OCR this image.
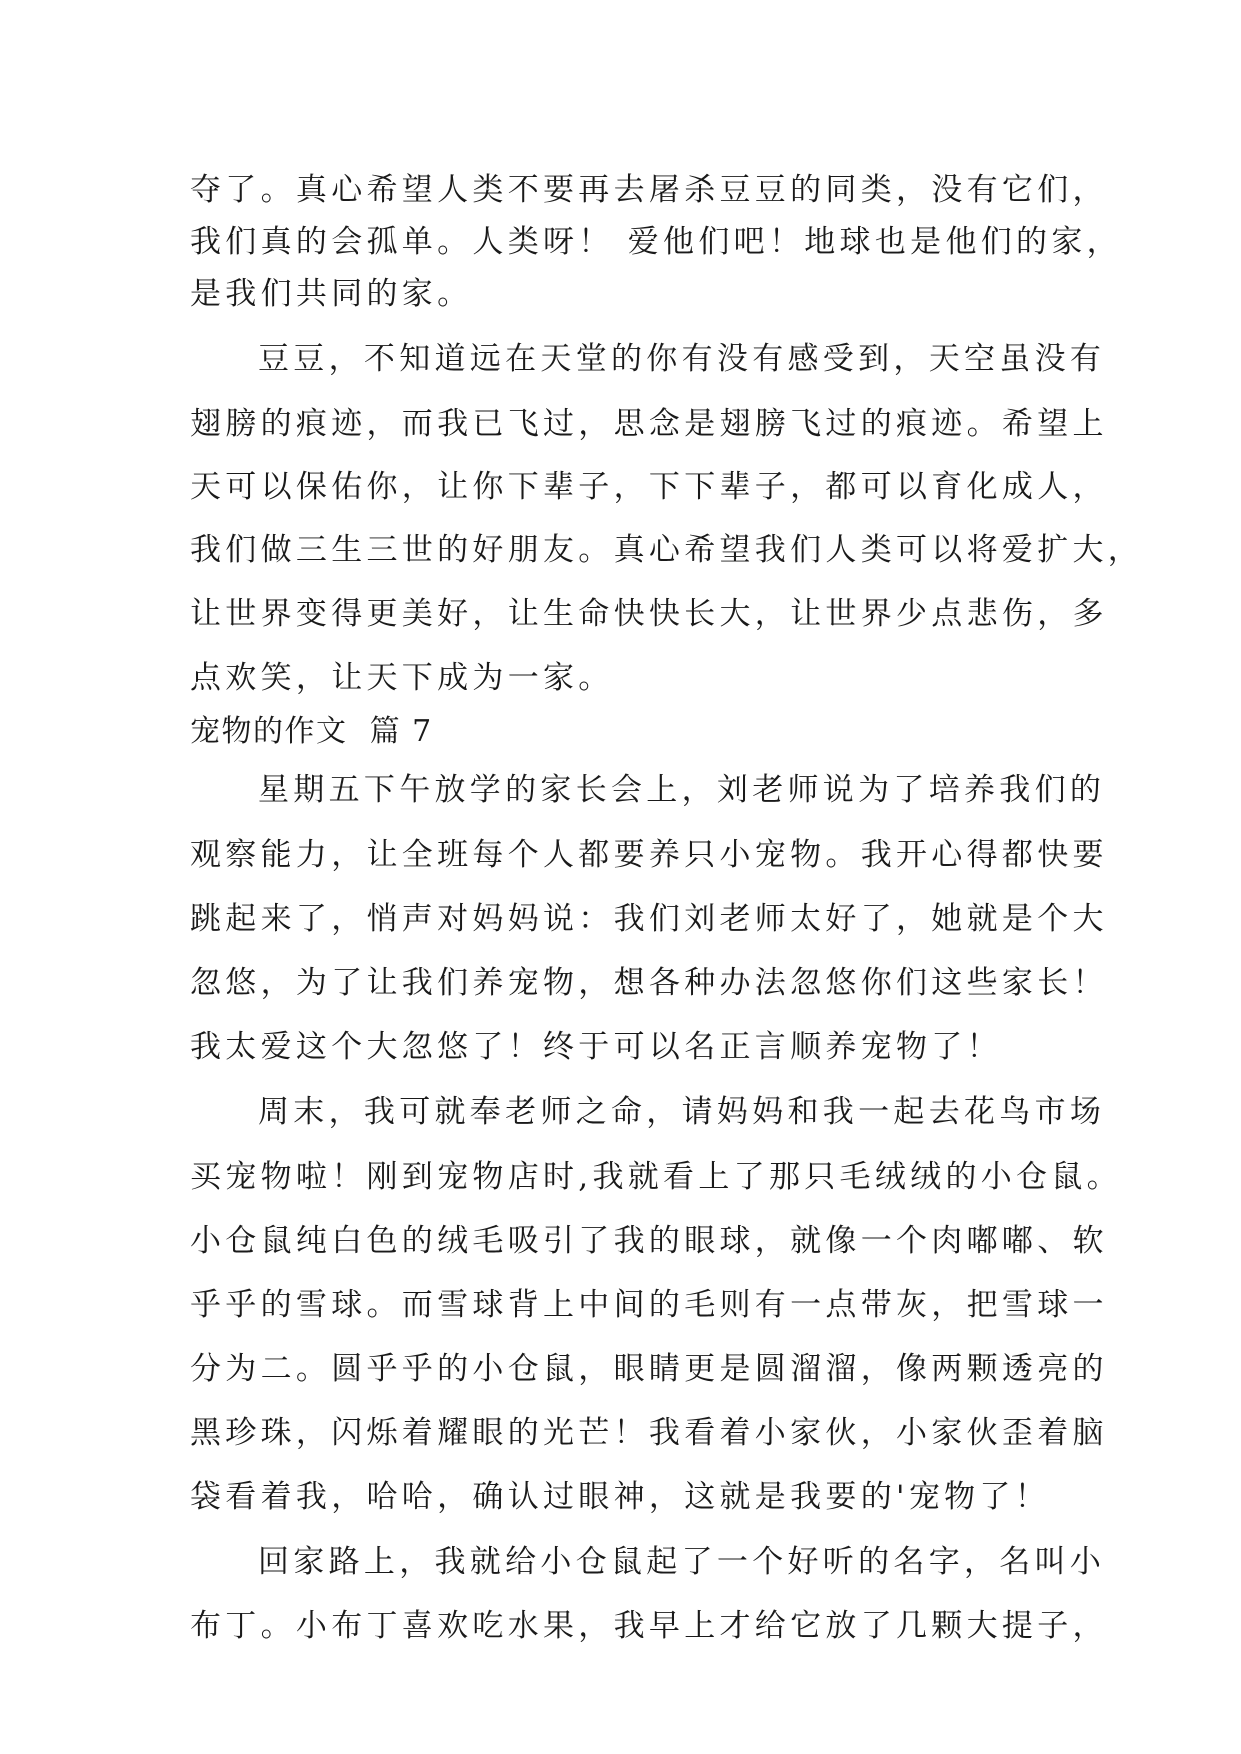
夺了。真心希望人类不要再去屠杀豆豆的同类，没有它们，
我们真的会孤单。人类呀！ 爱他们吧！地球也是他们的家，
是我们共同的家。
豆豆，不知道远在天堂的你有没有感受到，天空虽没有
翅膀的痕迹，而我已飞过，思念是翅膀飞过的痕迹。希望上
天可以保佑你，让你下辈子，下下辈子，都可以育化成人，
我们做三生三世的好朋友。真心希望我们人类可以将爱扩大，
让世界变得更美好，让生命快快长大，让世界少点悲伤，多
点欢笑，让天下成为一家。
宠物的作文  篇 7
星期五下午放学的家长会上，刘老师说为了培养我们的
观察能力，让全班每个人都要养只小宠物。我开心得都快要
跳起来了，悄声对妈妈说：我们刘老师太好了，她就是个大
忽悠，为了让我们养宠物，想各种办法忽悠你们这些家长！
我太爱这个大忽悠了！终于可以名正言顺养宠物了！
周末，我可就奉老师之命，请妈妈和我一起去花鸟市场
买宠物啦！刚到宠物店时,我就看上了那只毛绒绒的小仓鼠。
小仓鼠纯白色的绒毛吸引了我的眼球，就像一个肉嘟嘟、软
乎乎的雪球。而雪球背上中间的毛则有一点带灰，把雪球一
分为二。圆乎乎的小仓鼠，眼睛更是圆溜溜，像两颗透亮的
黑珍珠，闪烁着耀眼的光芒！我看着小家伙，小家伙歪着脑
袋看着我，哈哈，确认过眼神，这就是我要的'宠物了！
回家路上，我就给小仓鼠起了一个好听的名字，名叫小
布丁。小布丁喜欢吃水果，我早上才给它放了几颗大提子，
